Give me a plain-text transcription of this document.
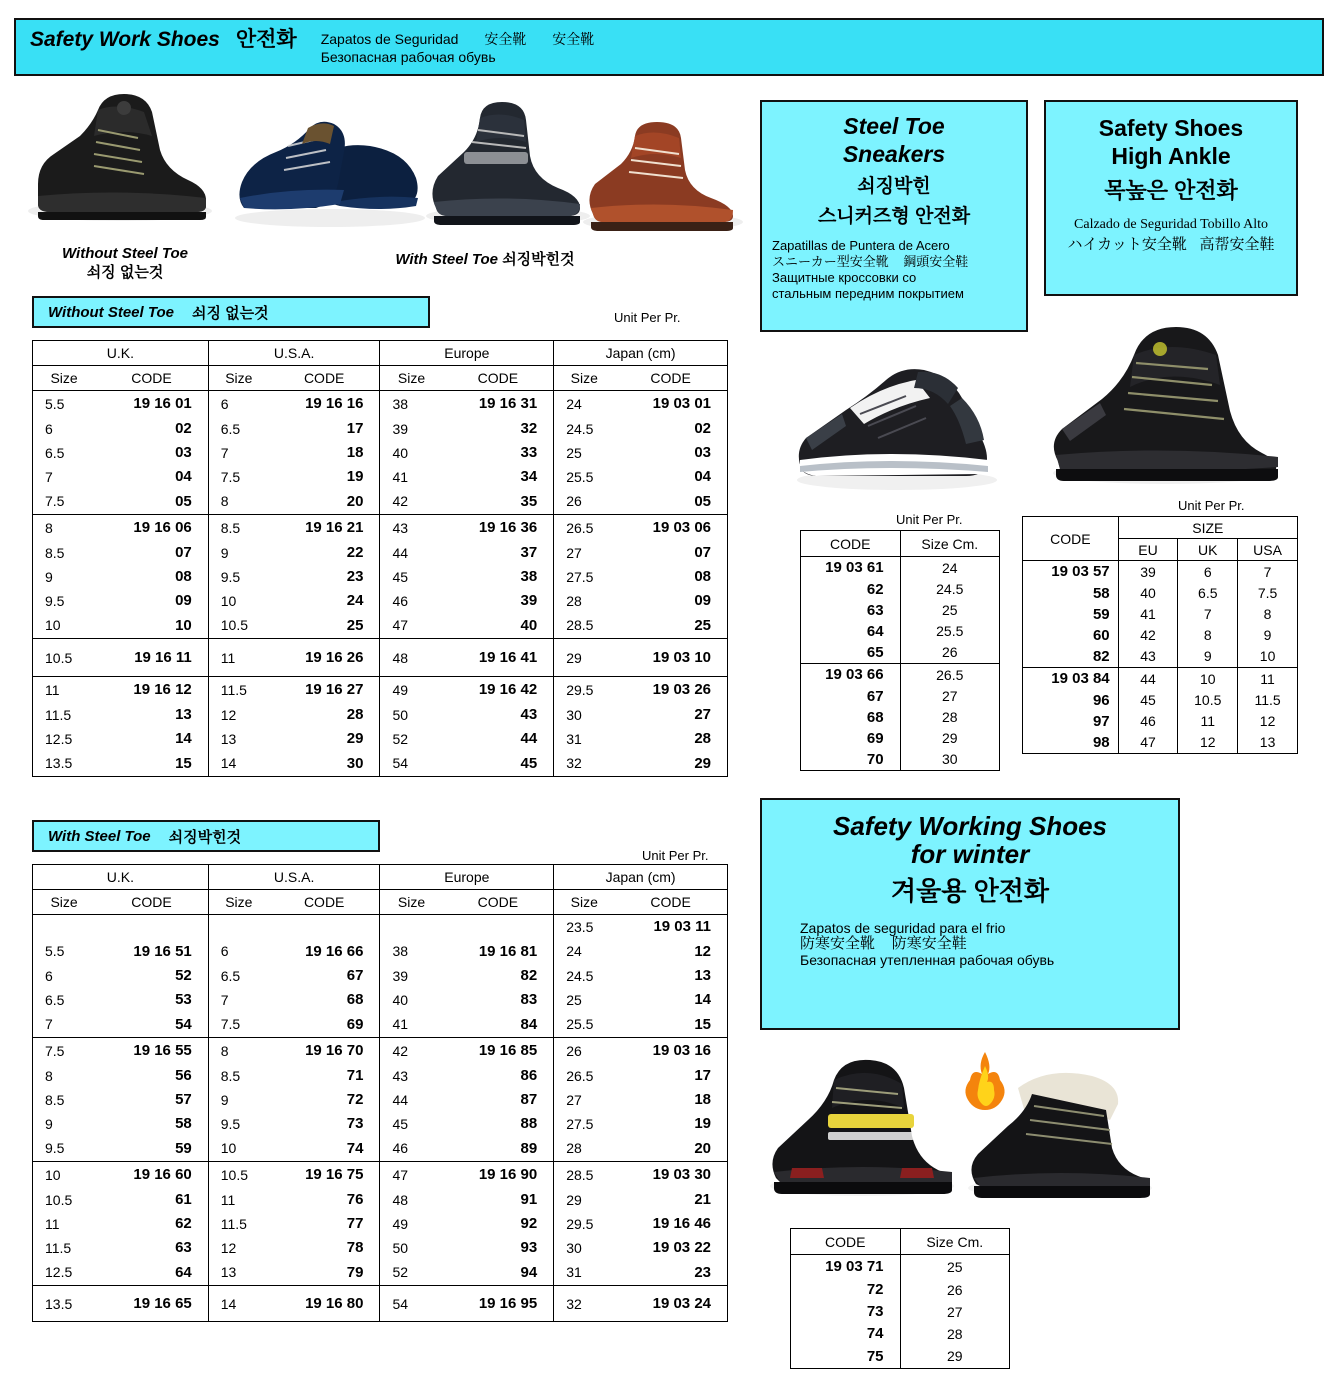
Safety Work Shoes 안전화 Zapatos de Seguridad 安全靴 安全靴
Безопасная рабочая обувь
Without Steel Toe
쇠징 없는것
With Steel Toe 쇠징박힌것
Without Steel Toe 쇠징 없는것	Unit Per Pr.
U.K.		U.S.A.		Europe		Japan (cm)	
Size	CODE	Size	CODE	Size	CODE	Size	CODE
5.5	19 16 01	6	19 16 16	38	19 16 31	24	19 03 01
6	02	6.5	17	39	32	24.5	02
6.5	03	7	18	40	33	25	03
7	04	7.5	19	41	34	25.5	04
7.5	05	8	20	42	35	26	05
8	19 16 06	8.5	19 16 21	43	19 16 36	26.5	19 03 06
8.5	07	9	22	44	37	27	07
9	08	9.5	23	45	38	27.5	08
9.5	09	10	24	46	39	28	09
10	10	10.5	25	47	40	28.5	25
10.5	19 16 11	11	19 16 26	48	19 16 41	29	19 03 10
11	19 16 12	11.5	19 16 27	49	19 16 42	29.5	19 03 26
11.5	13	12	28	50	43	30	27
12.5	14	13	29	52	44	31	28
13.5	15	14	30	54	45	32	29
With Steel Toe 쇠징박힌것
Unit Per Pr.
U.K.		U.S.A.		Europe		Japan (cm)	
Size	CODE	Size	CODE	Size	CODE	Size	CODE
						23.5	19 03 11
5.5	19 16 51	6	19 16 66	38	19 16 81	24	12
6	52	6.5	67	39	82	24.5	13
6.5	53	7	68	40	83	25	14
7	54	7.5	69	41	84	25.5	15
7.5	19 16 55	8	19 16 70	42	19 16 85	26	19 03 16
8	56	8.5	71	43	86	26.5	17
8.5	57	9	72	44	87	27	18
9	58	9.5	73	45	88	27.5	19
9.5	59	10	74	46	89	28	20
10	19 16 60	10.5	19 16 75	47	19 16 90	28.5	19 03 30
10.5	61	11	76	48	91	29	21
11	62	11.5	77	49	92	29.5	19 16 46
11.5	63	12	78	50	93	30	19 03 22
12.5	64	13	79	52	94	31	23
13.5	19 16 65	14	19 16 80	54	19 16 95	32	19 03 24
Steel Toe
Sneakers
쇠징박힌
스니커즈형 안전화
Zapatillas de Puntera de Acero
スニーカー型安全靴 鋼頭安全鞋
Защитные кроссовки со
стальным передним покрытием
CODE	Size Cm.
19 03 61	24
62	24.5
63	25
64	25.5
65	26
19 03 66	26.5
67	27
68	28
69	29
70	30
Unit Per Pr.
Safety Shoes
High Ankle
목높은 안전화
Calzado de Seguridad Tobillo Alto
ハイカット安全靴 高帮安全鞋
Unit Per Pr.
CODE	SIZE		
	EU	UK	USA
19 03 57	39	6	7
58	40	6.5	7.5
59	41	7	8
60	42	8	9
82	43	9	10
19 03 84	44	10	11
96	45	10.5	11.5
97	46	11	12
98	47	12	13
Safety Working Shoes
for winter
겨울용 안전화
Zapatos de seguridad para el frio
防寒安全靴 防寒安全鞋
Безопасная утепленная рабочая обувь
CODE	Size Cm.
19 03 71	25
72	26
73	27
74	28
75	29
